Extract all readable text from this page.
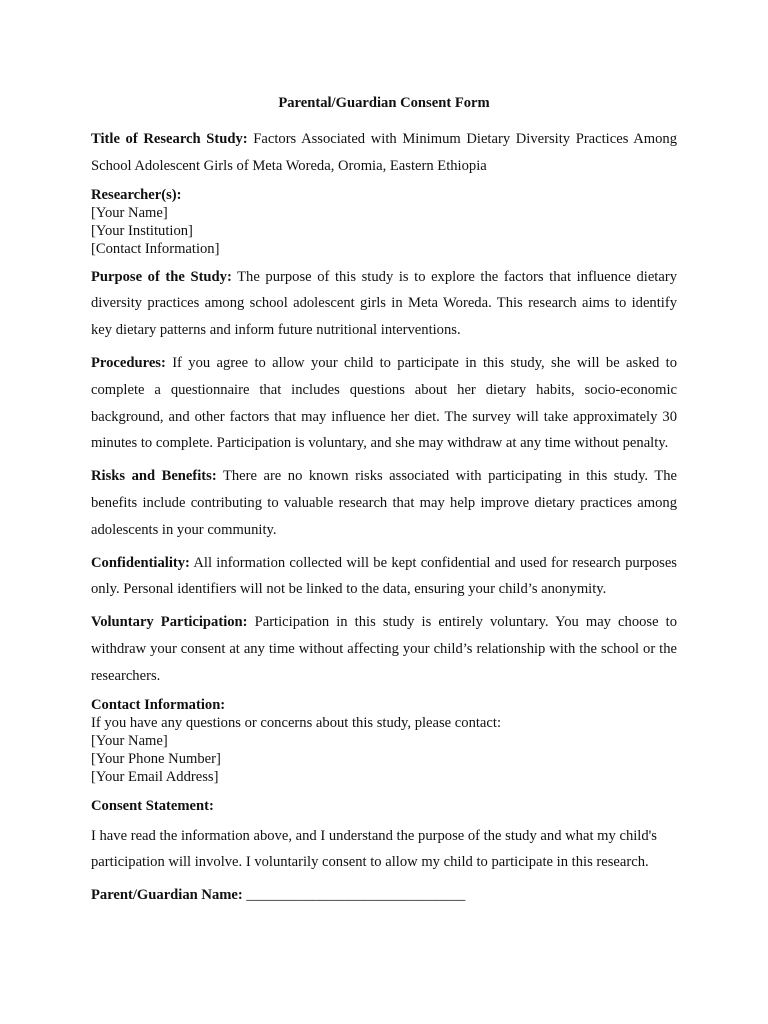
Parental/Guardian Consent Form

Title of Research Study: Factors Associated with Minimum Dietary Diversity Practices Among School Adolescent Girls of Meta Woreda, Oromia, Eastern Ethiopia

Researcher(s):
[Your Name]
[Your Institution]
[Contact Information]

Purpose of the Study: The purpose of this study is to explore the factors that influence dietary diversity practices among school adolescent girls in Meta Woreda. This research aims to identify key dietary patterns and inform future nutritional interventions.

Procedures: If you agree to allow your child to participate in this study, she will be asked to complete a questionnaire that includes questions about her dietary habits, socio-economic background, and other factors that may influence her diet. The survey will take approximately 30 minutes to complete. Participation is voluntary, and she may withdraw at any time without penalty.

Risks and Benefits: There are no known risks associated with participating in this study. The benefits include contributing to valuable research that may help improve dietary practices among adolescents in your community.

Confidentiality: All information collected will be kept confidential and used for research purposes only. Personal identifiers will not be linked to the data, ensuring your child’s anonymity.

Voluntary Participation: Participation in this study is entirely voluntary. You may choose to withdraw your consent at any time without affecting your child’s relationship with the school or the researchers.

Contact Information:
If you have any questions or concerns about this study, please contact:
[Your Name]
[Your Phone Number]
[Your Email Address]
Consent Statement:

I have read the information above, and I understand the purpose of the study and what my child's participation will involve. I voluntarily consent to allow my child to participate in this research.

Parent/Guardian Name: ______________________________
